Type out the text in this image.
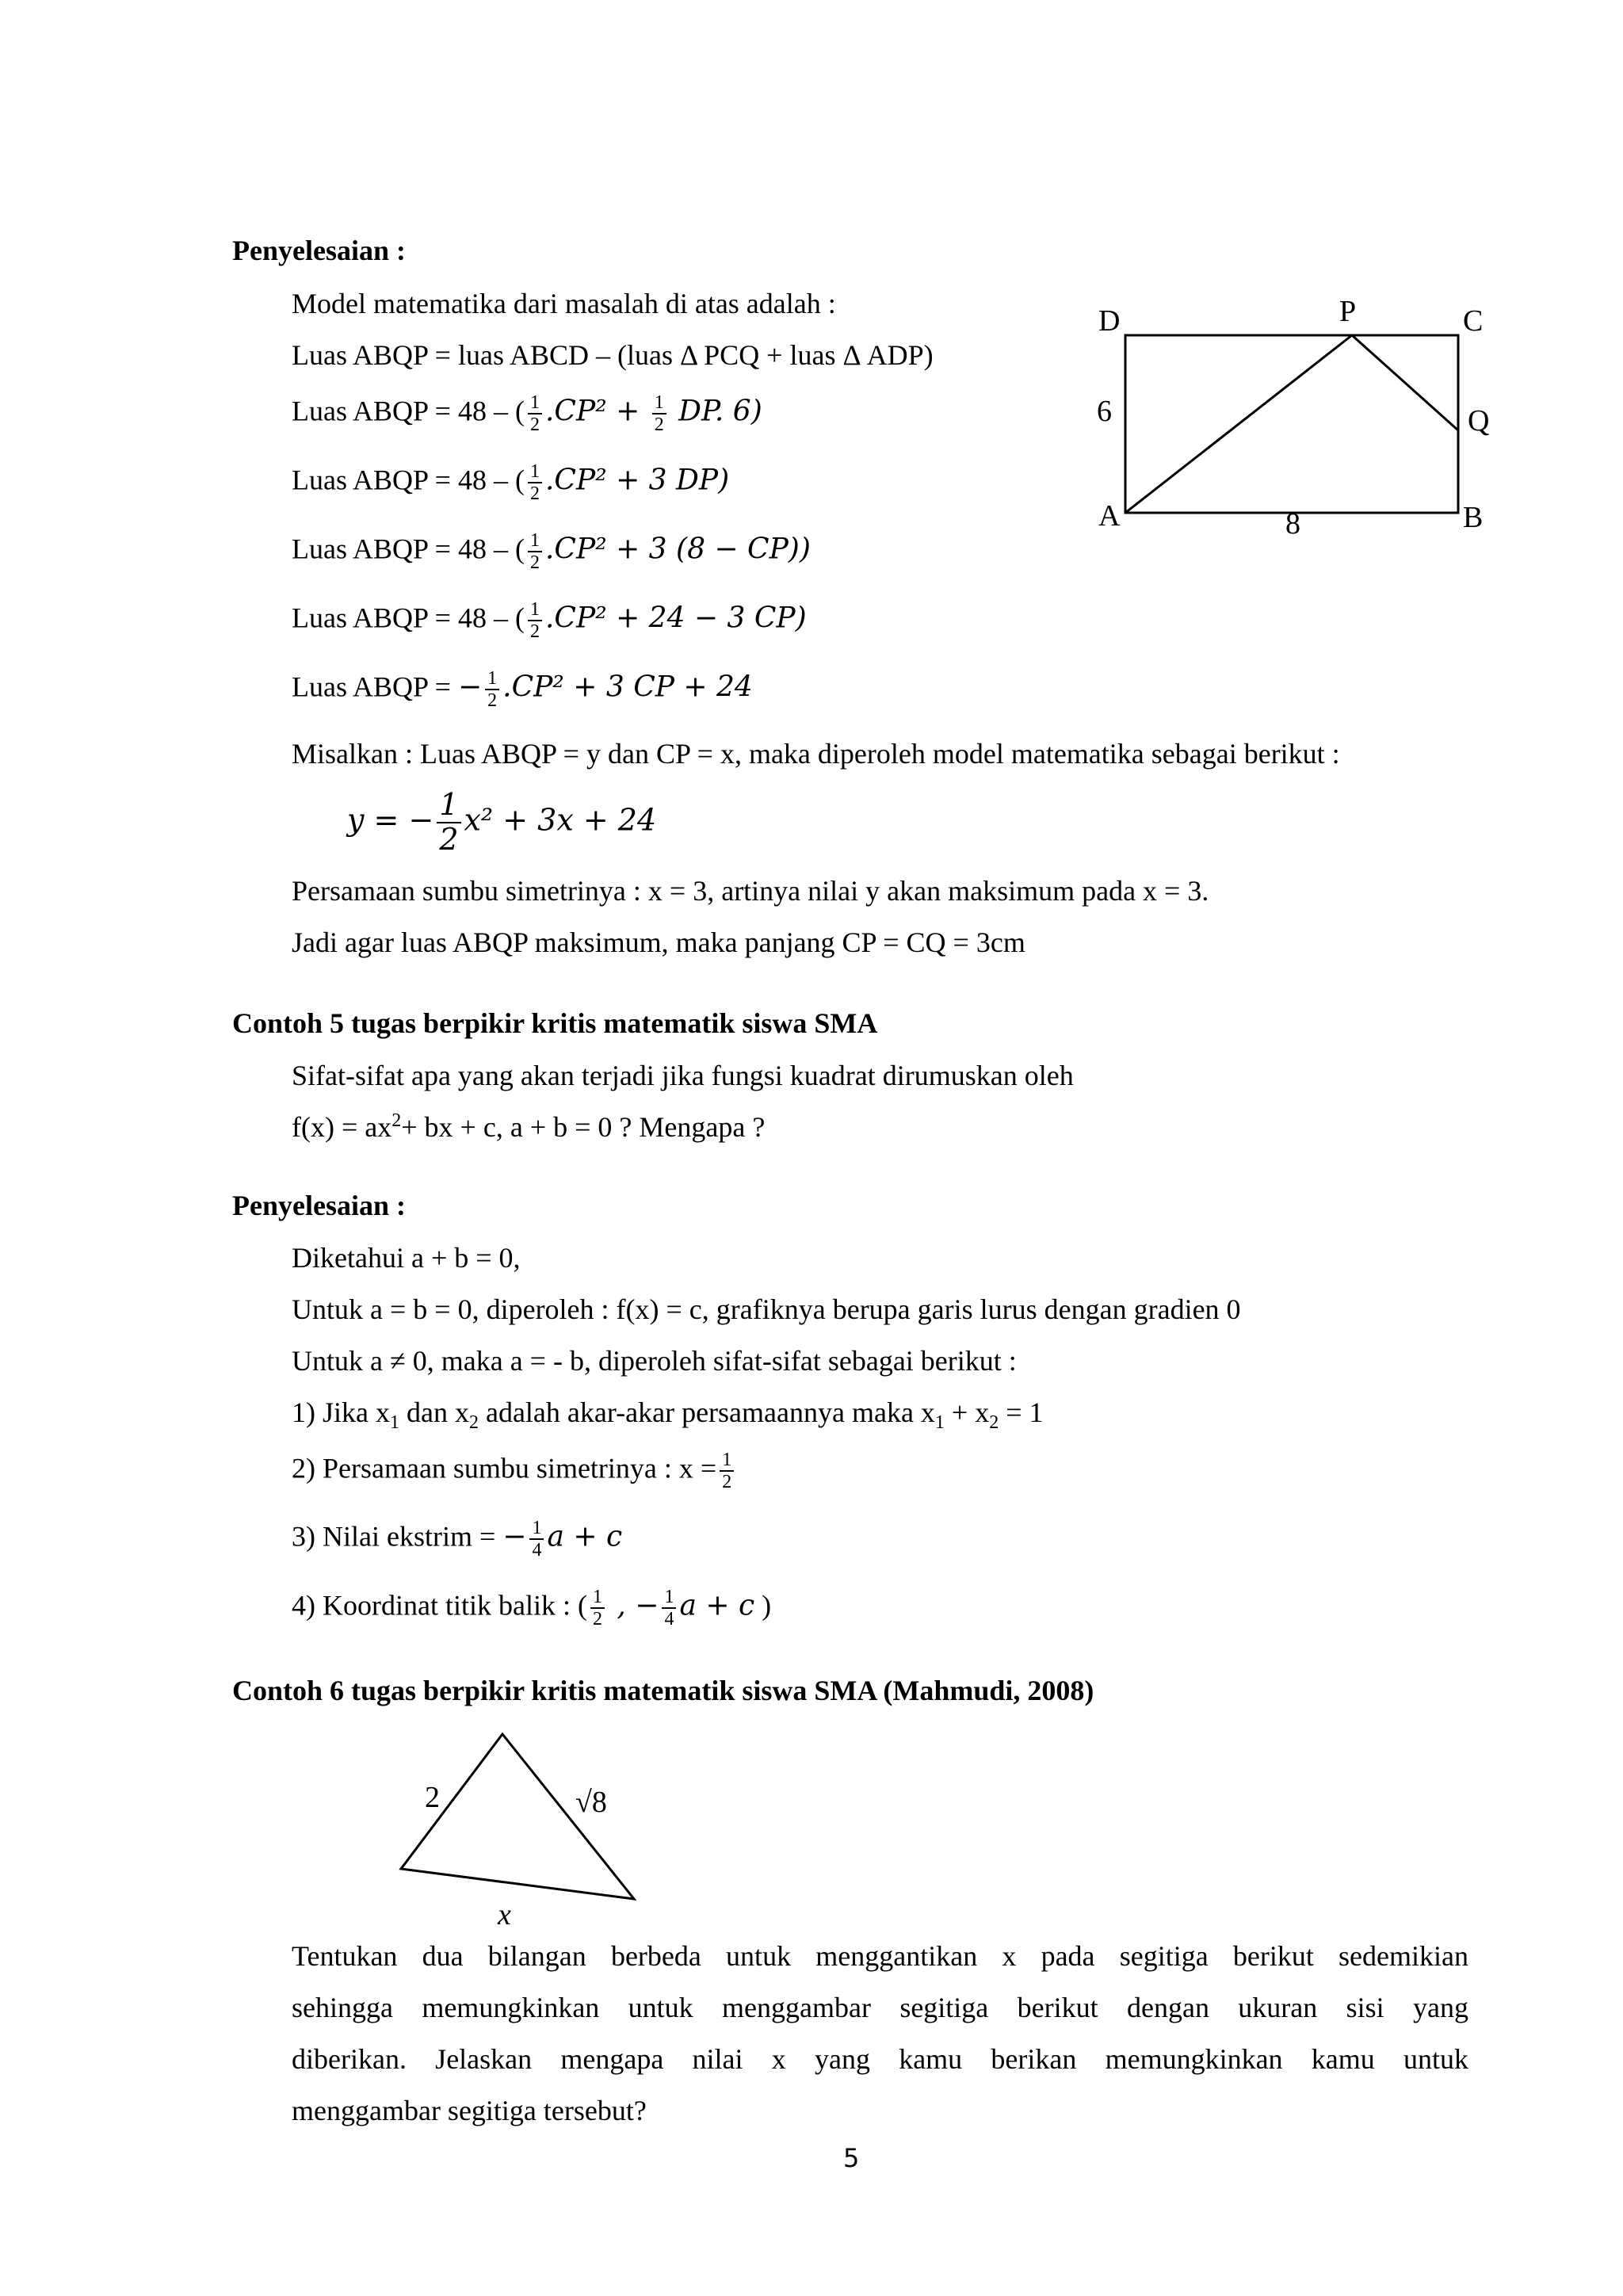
Penyelesaian :
Model matematika dari masalah di atas adalah :
Luas ABQP = luas ABCD – (luas Δ PCQ + luas Δ ADP)
Luas ABQP = 48 – ( $\frac{1}{2} .CP^2 + \frac{1}{2}$ DP. 6)
Luas ABQP = 48 – ( $\frac{1}{2} .CP^2 + 3$ DP)
Luas ABQP = 48 – ( $\frac{1}{2} .CP^2 + 3$ (8 − CP))
Luas ABQP = 48 – ( $\frac{1}{2} .CP^2 + 24 - 3$ CP)
Luas ABQP = − $\frac{1}{2} .CP^2 + 3$ CP + 24
Misalkan : Luas ABQP = y dan CP = x, maka diperoleh model matematika sebagai berikut :
y = − $\frac{1}{2} x^2 + 3x + 24$
Persamaan sumbu simetrinya : x = 3, artinya nilai y akan maksimum pada x = 3.
Jadi agar luas ABQP maksimum, maka panjang CP = CQ = 3cm
D	P	C
Q
A	B
6
8
Contoh 5 tugas berpikir kritis matematik siswa SMA
Sifat-sifat apa yang akan terjadi jika fungsi kuadrat dirumuskan oleh
$f(x) = ax^2+$ bx + c, a + b = 0 ? Mengapa ?
Penyelesaian :
Diketahui a + b = 0,
Untuk a = b = 0, diperoleh : f(x) = c, grafiknya berupa garis lurus dengan gradien 0
Untuk a ≠ 0, maka a = - b, diperoleh sifat-sifat sebagai berikut :
1) Jika $x_1$ dan $x_2$ adalah akar-akar persamaannya maka $x_1 + x_2 = 1$
2) Persamaan sumbu simetrinya : $x = \frac{1}{2}$
3) Nilai ekstrim = − $\frac{1}{4}$ a + c
4) Koordinat titik balik : ( $\frac{1}{2}$ , − $\frac{1}{4}$ a + c )
Contoh 6 tugas berpikir kritis matematik siswa SMA (Mahmudi, 2008)
2	√8
x
Tentukan dua bilangan berbeda untuk menggantikan x pada segitiga berikut sedemikian
sehingga memungkinkan untuk menggambar segitiga berikut dengan ukuran sisi yang
diberikan. Jelaskan mengapa nilai x yang kamu berikan memungkinkan kamu untuk
menggambar segitiga tersebut?
5
